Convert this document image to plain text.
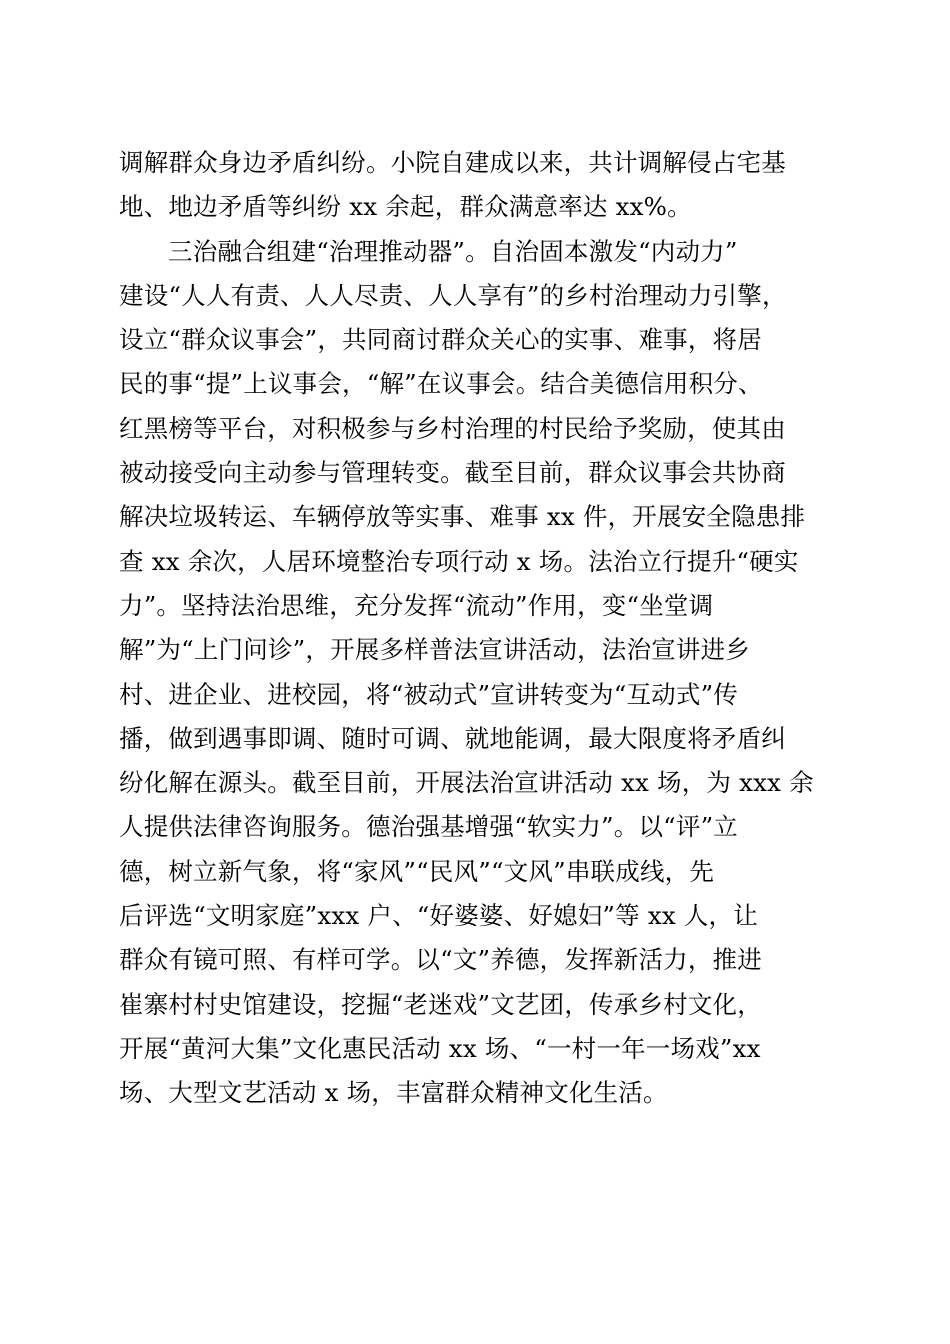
调解群众身边矛盾纠纷。小院自建成以来，共计调解侵占宅基
地、地边矛盾等纠纷 xx 余起，群众满意率达 xx%。
三治融合组建“治理推动器”。自治固本激发“内动力”
建设“人人有责、人人尽责、人人享有”的乡村治理动力引擎，
设立“群众议事会”，共同商讨群众关心的实事、难事，将居
民的事“提”上议事会，“解”在议事会。结合美德信用积分、
红黑榜等平台，对积极参与乡村治理的村民给予奖励，使其由
被动接受向主动参与管理转变。截至目前，群众议事会共协商
解决垃圾转运、车辆停放等实事、难事 xx 件，开展安全隐患排
查 xx 余次，人居环境整治专项行动 x 场。法治立行提升“硬实
力”。坚持法治思维，充分发挥“流动”作用，变“坐堂调
解”为“上门问诊”，开展多样普法宣讲活动，法治宣讲进乡
村、进企业、进校园，将“被动式”宣讲转变为“互动式”传
播，做到遇事即调、随时可调、就地能调，最大限度将矛盾纠
纷化解在源头。截至目前，开展法治宣讲活动 xx 场，为 xxx 余
人提供法律咨询服务。德治强基增强“软实力”。以“评”立
德，树立新气象，将“家风”“民风”“文风”串联成线，先
后评选“文明家庭”xxx 户、“好婆婆、好媳妇”等 xx 人，让
群众有镜可照、有样可学。以“文”养德，发挥新活力，推进
崔寨村村史馆建设，挖掘“老迷戏”文艺团，传承乡村文化，
开展“黄河大集”文化惠民活动 xx 场、“一村一年一场戏”xx
场、大型文艺活动 x 场，丰富群众精神文化生活。
